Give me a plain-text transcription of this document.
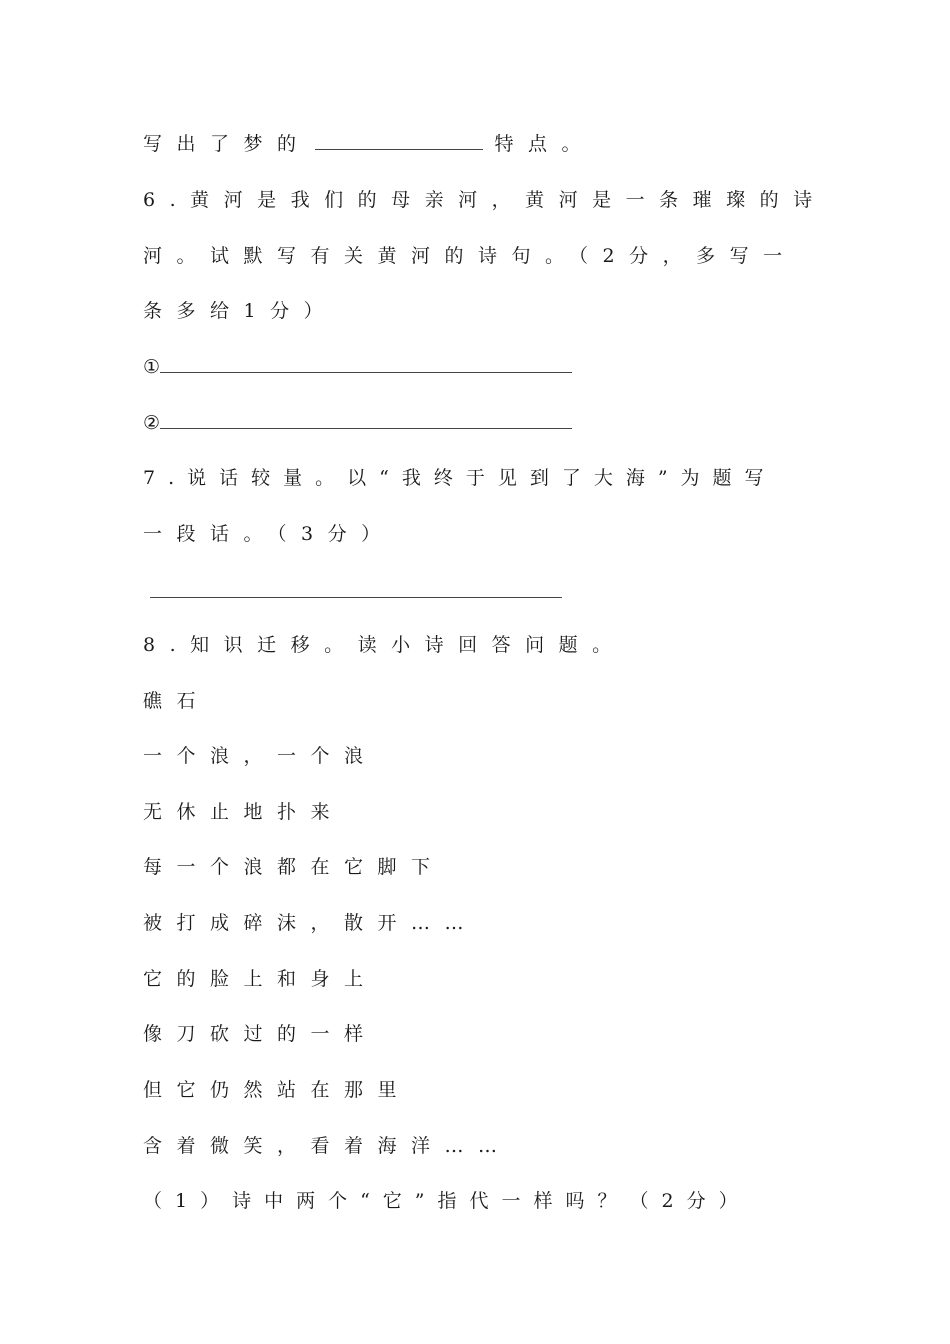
写出了梦的	特点。
6.黄河是我们的母亲河，黄河是一条璀璨的诗
河。试默写有关黄河的诗句。（2分，多写一
条多给1分）
①
②
7.说话较量。以“我终于见到了大海”为题写
一段话。（3分）
8.知识迁移。读小诗回答问题。
礁石
一个浪，一个浪
无休止地扑来
每一个浪都在它脚下
被打成碎沫，散开……
它的脸上和身上
像刀砍过的一样
但它仍然站在那里
含着微笑，看着海洋……
（1）诗中两个“它”指代一样吗？（2分）
